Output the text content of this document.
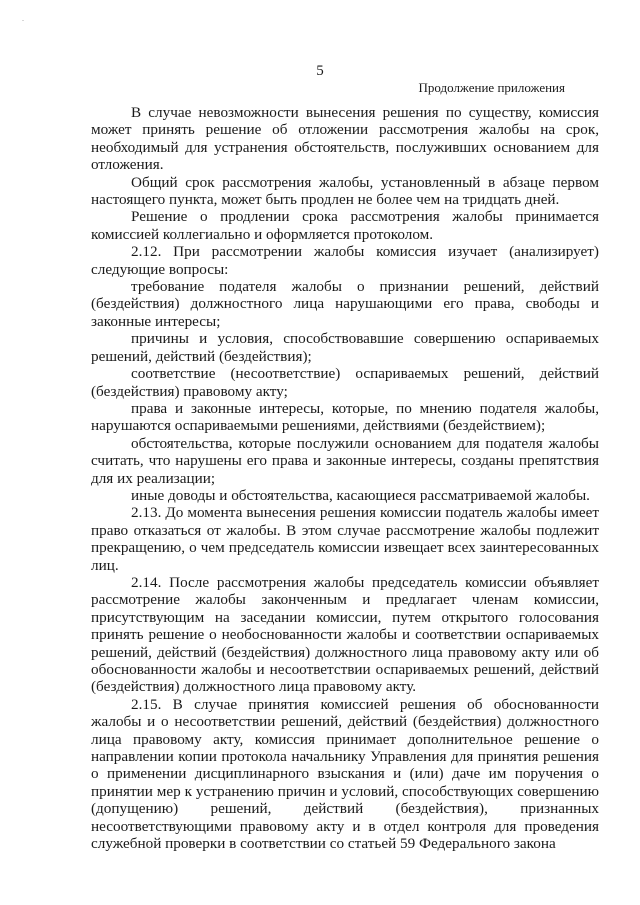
.
5
Продолжение приложения

В случае невозможности вынесения решения по существу, комиссия может принять решение об отложении рассмотрения жалобы на срок, необходимый для устранения обстоятельств, послуживших основанием для отложения.

Общий срок рассмотрения жалобы, установленный в абзаце первом настоящего пункта, может быть продлен не более чем на тридцать дней.

Решение о продлении срока рассмотрения жалобы принимается комиссией коллегиально и оформляется протоколом.

2.12. При рассмотрении жалобы комиссия изучает (анализирует) следующие вопросы:

требование подателя жалобы о признании решений, действий (бездействия) должностного лица нарушающими его права, свободы и законные интересы;

причины и условия, способствовавшие совершению оспариваемых решений, действий (бездействия);

соответствие (несоответствие) оспариваемых решений, действий (бездействия) правовому акту;

права и законные интересы, которые, по мнению подателя жалобы, нарушаются оспариваемыми решениями, действиями (бездействием);

обстоятельства, которые послужили основанием для подателя жалобы считать, что нарушены его права и законные интересы, созданы препятствия для их реализации;

иные доводы и обстоятельства, касающиеся рассматриваемой жалобы.

2.13. До момента вынесения решения комиссии податель жалобы имеет право отказаться от жалобы. В этом случае рассмотрение жалобы подлежит прекращению, о чем председатель комиссии извещает всех заинтересованных лиц.

2.14. После рассмотрения жалобы председатель комиссии объявляет рассмотрение жалобы законченным и предлагает членам комиссии, присутствующим на заседании комиссии, путем открытого голосования принять решение о необоснованности жалобы и соответствии оспариваемых решений, действий (бездействия) должностного лица правовому акту или об обоснованности жалобы и несоответствии оспариваемых решений, действий (бездействия) должностного лица правовому акту.

2.15. В случае принятия комиссией решения об обоснованности жалобы и о несоответствии решений, действий (бездействия) должностного лица правовому акту, комиссия принимает дополнительное решение о направлении копии протокола начальнику Управления для принятия решения о применении дисциплинарного взыскания и (или) даче им поручения о принятии мер к устранению причин и условий, способствующих совершению (допущению) решений, действий (бездействия), признанных несоответствующими правовому акту и в отдел контроля для проведения служебной проверки в соответствии со статьей 59 Федерального закона
